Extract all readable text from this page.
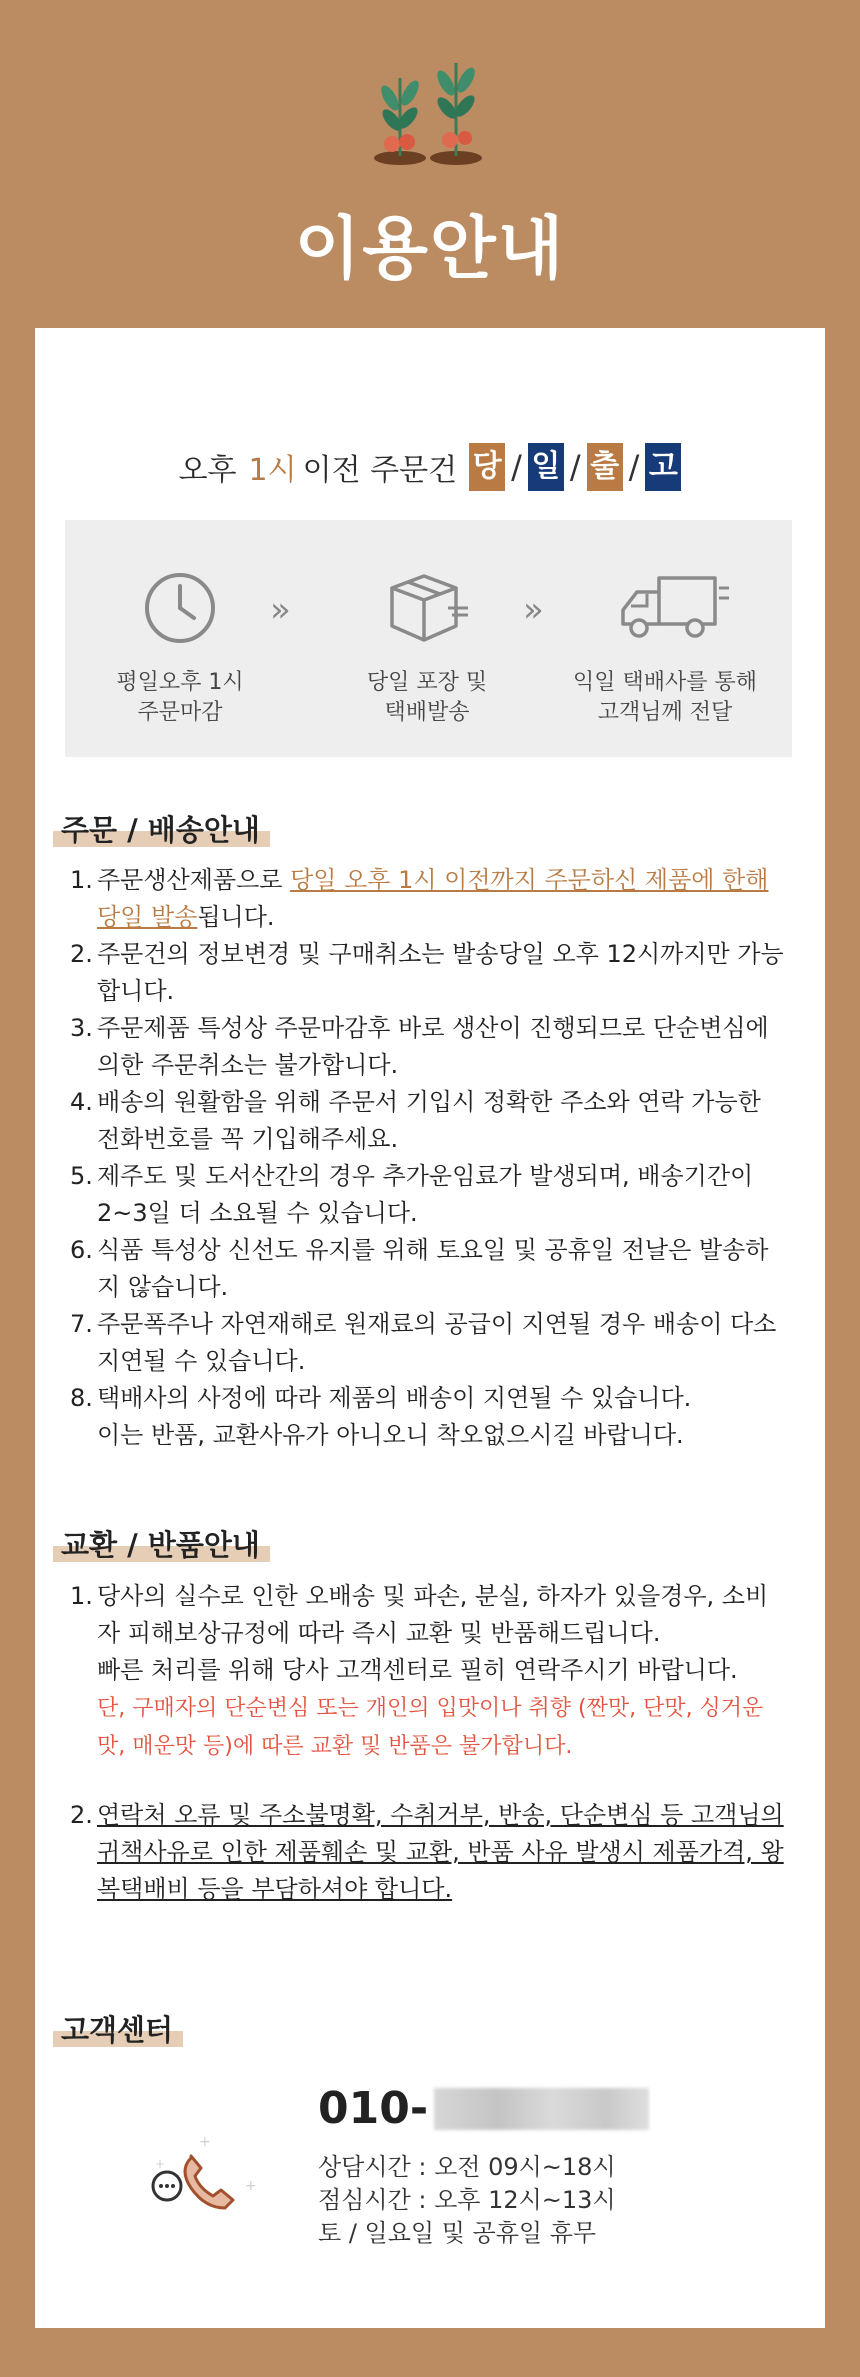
이용안내
오후 1시 이전 주문건 당 / 일 / 출 / 고
평일오후 1시
주문마감
»
당일 포장 및
택배발송
»
익일 택배사를 통해
고객님께 전달
주문 / 배송안내
1. 주문생산제품으로 당일 오후 1시 이전까지 주문하신 제품에 한해 당일 발송됩니다.
2. 주문건의 정보변경 및 구매취소는 발송당일 오후 12시까지만 가능합니다.
3. 주문제품 특성상 주문마감후 바로 생산이 진행되므로 단순변심에 의한 주문취소는 불가합니다.
4. 배송의 원활함을 위해 주문서 기입시 정확한 주소와 연락 가능한 전화번호를 꼭 기입해주세요.
5. 제주도 및 도서산간의 경우 추가운임료가 발생되며, 배송기간이 2~3일 더 소요될 수 있습니다.
6. 식품 특성상 신선도 유지를 위해 토요일 및 공휴일 전날은 발송하지 않습니다.
7. 주문폭주나 자연재해로 원재료의 공급이 지연될 경우 배송이 다소 지연될 수 있습니다.
8. 택배사의 사정에 따라 제품의 배송이 지연될 수 있습니다.
이는 반품, 교환사유가 아니오니 착오없으시길 바랍니다.
교환 / 반품안내
1. 당사의 실수로 인한 오배송 및 파손, 분실, 하자가 있을경우, 소비자 피해보상규정에 따라 즉시 교환 및 반품해드립니다.
빠른 처리를 위해 당사 고객센터로 필히 연락주시기 바랍니다.
단, 구매자의 단순변심 또는 개인의 입맛이나 취향 (짠맛, 단맛, 싱거운맛, 매운맛 등)에 따른 교환 및 반품은 불가합니다.
2. 연락처 오류 및 주소불명확, 수취거부, 반송, 단순변심 등 고객님의 귀책사유로 인한 제품훼손 및 교환, 반품 사유 발생시 제품가격, 왕복택배비 등을 부담하셔야 합니다.
고객센터
+
+
+
010-
상담시간 : 오전 09시~18시
점심시간 : 오후 12시~13시
토 / 일요일 및 공휴일 휴무
